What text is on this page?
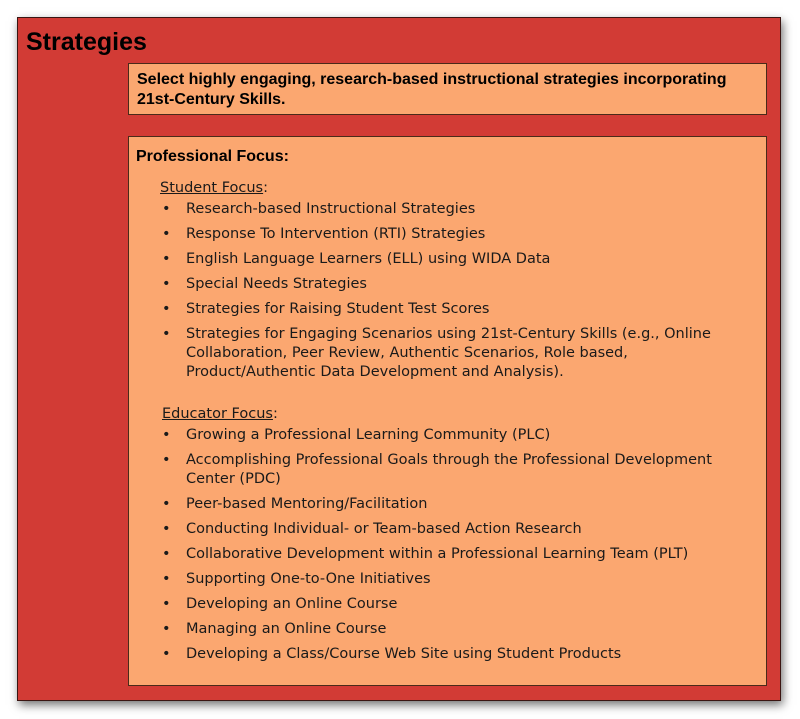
Strategies
Select highly engaging, research-based instructional strategies incorporating 21st-Century Skills.

Professional Focus:

Student Focus:

• Research-based Instructional Strategies
• Response To Intervention (RTI) Strategies
• English Language Learners (ELL) using WIDA Data
• Special Needs Strategies
• Strategies for Raising Student Test Scores
• Strategies for Engaging Scenarios using 21st-Century Skills (e.g., Online Collaboration, Peer Review, Authentic Scenarios, Role based, Product/Authentic Data Development and Analysis).

Educator Focus:

• Growing a Professional Learning Community (PLC)
• Accomplishing Professional Goals through the Professional Development Center (PDC)
• Peer-based Mentoring/Facilitation
• Conducting Individual- or Team-based Action Research
• Collaborative Development within a Professional Learning Team (PLT)
• Supporting One-to-One Initiatives
• Developing an Online Course
• Managing an Online Course
• Developing a Class/Course Web Site using Student Products
